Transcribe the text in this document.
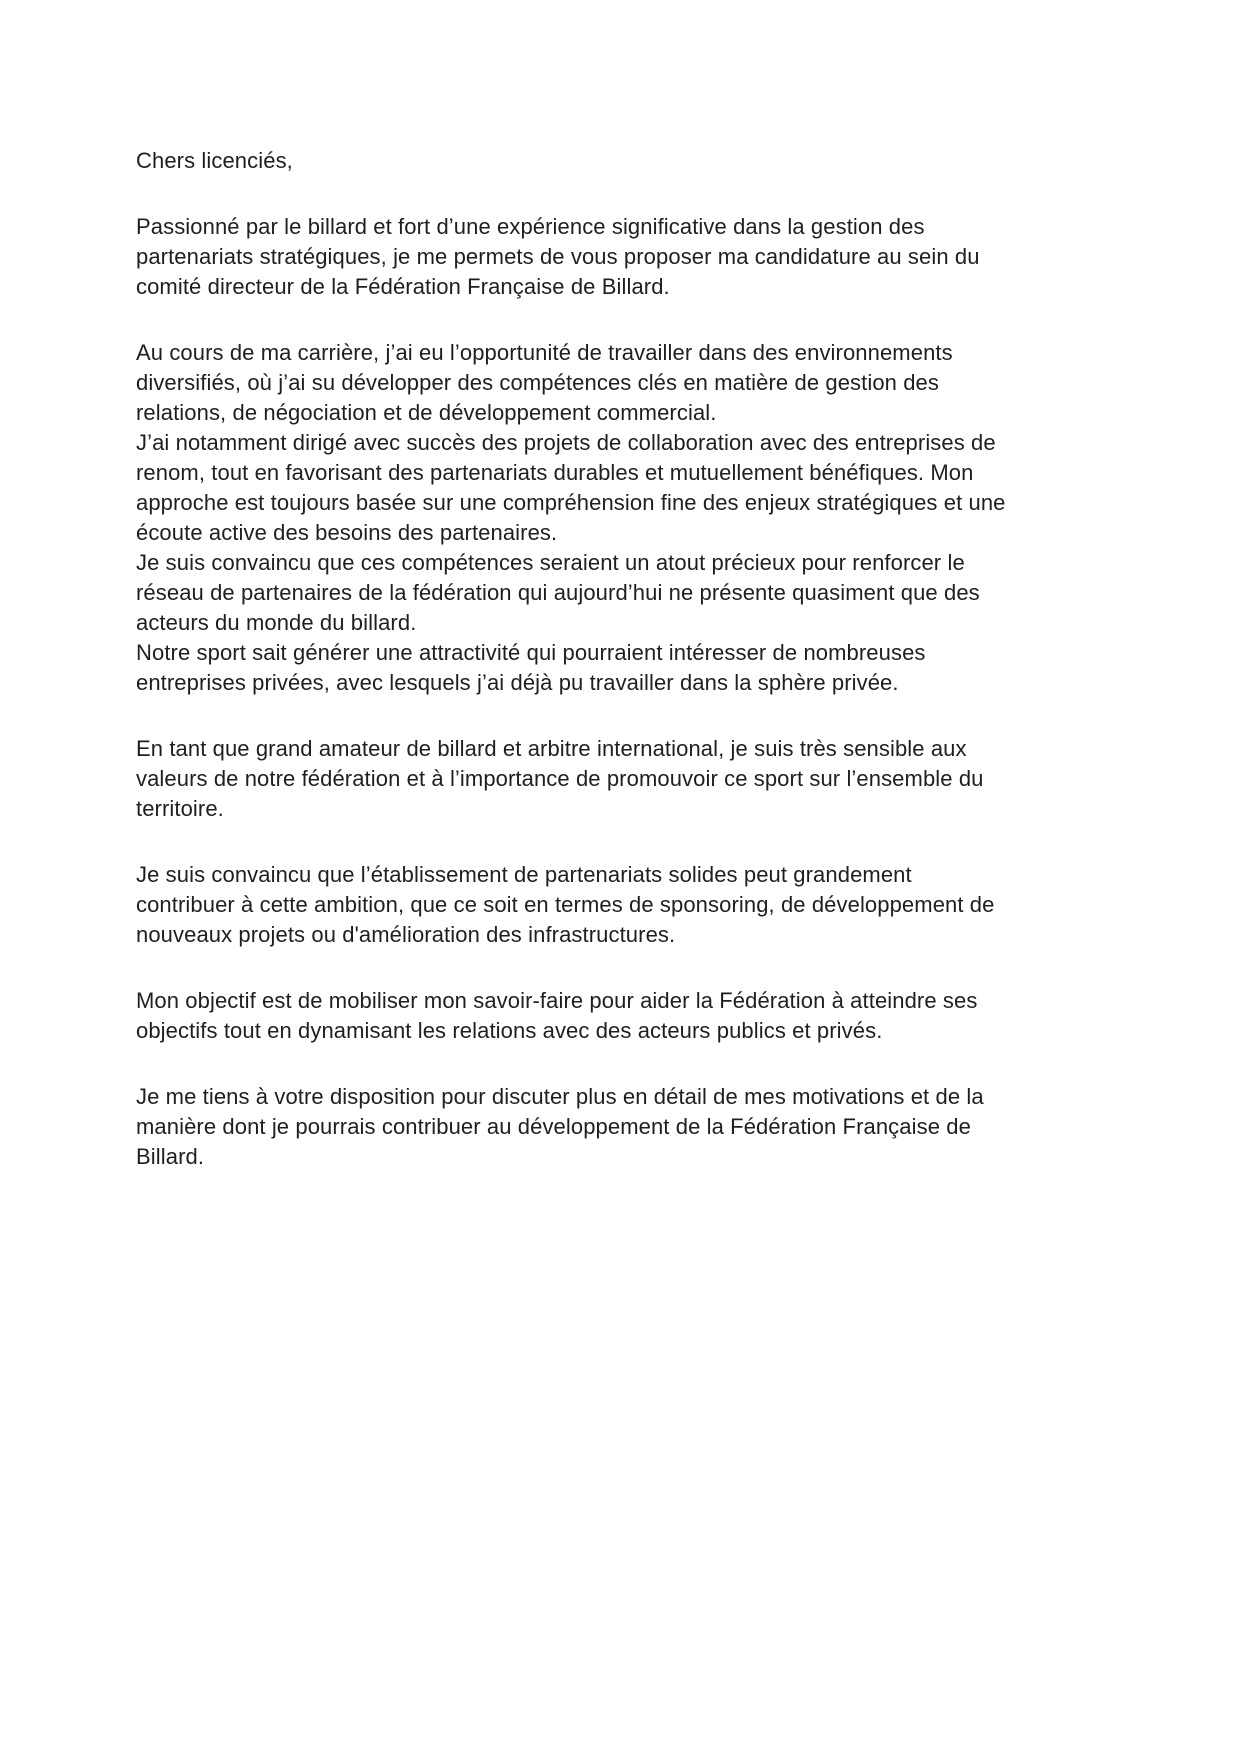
Chers licenciés,
Passionné par le billard et fort d’une expérience significative dans la gestion des
partenariats stratégiques, je me permets de vous proposer ma candidature au sein du
comité directeur de la Fédération Française de Billard.
Au cours de ma carrière, j’ai eu l’opportunité de travailler dans des environnements
diversifiés, où j’ai su développer des compétences clés en matière de gestion des
relations, de négociation et de développement commercial.
J’ai notamment dirigé avec succès des projets de collaboration avec des entreprises de
renom, tout en favorisant des partenariats durables et mutuellement bénéfiques. Mon
approche est toujours basée sur une compréhension fine des enjeux stratégiques et une
écoute active des besoins des partenaires.
Je suis convaincu que ces compétences seraient un atout précieux pour renforcer le
réseau de partenaires de la fédération qui aujourd’hui ne présente quasiment que des
acteurs du monde du billard.
Notre sport sait générer une attractivité qui pourraient intéresser de nombreuses
entreprises privées, avec lesquels j’ai déjà pu travailler dans la sphère privée.
En tant que grand amateur de billard et arbitre international, je suis très sensible aux
valeurs de notre fédération et à l’importance de promouvoir ce sport sur l’ensemble du
territoire.
Je suis convaincu que l’établissement de partenariats solides peut grandement
contribuer à cette ambition, que ce soit en termes de sponsoring, de développement de
nouveaux projets ou d'amélioration des infrastructures.
Mon objectif est de mobiliser mon savoir-faire pour aider la Fédération à atteindre ses
objectifs tout en dynamisant les relations avec des acteurs publics et privés.
Je me tiens à votre disposition pour discuter plus en détail de mes motivations et de la
manière dont je pourrais contribuer au développement de la Fédération Française de
Billard.
